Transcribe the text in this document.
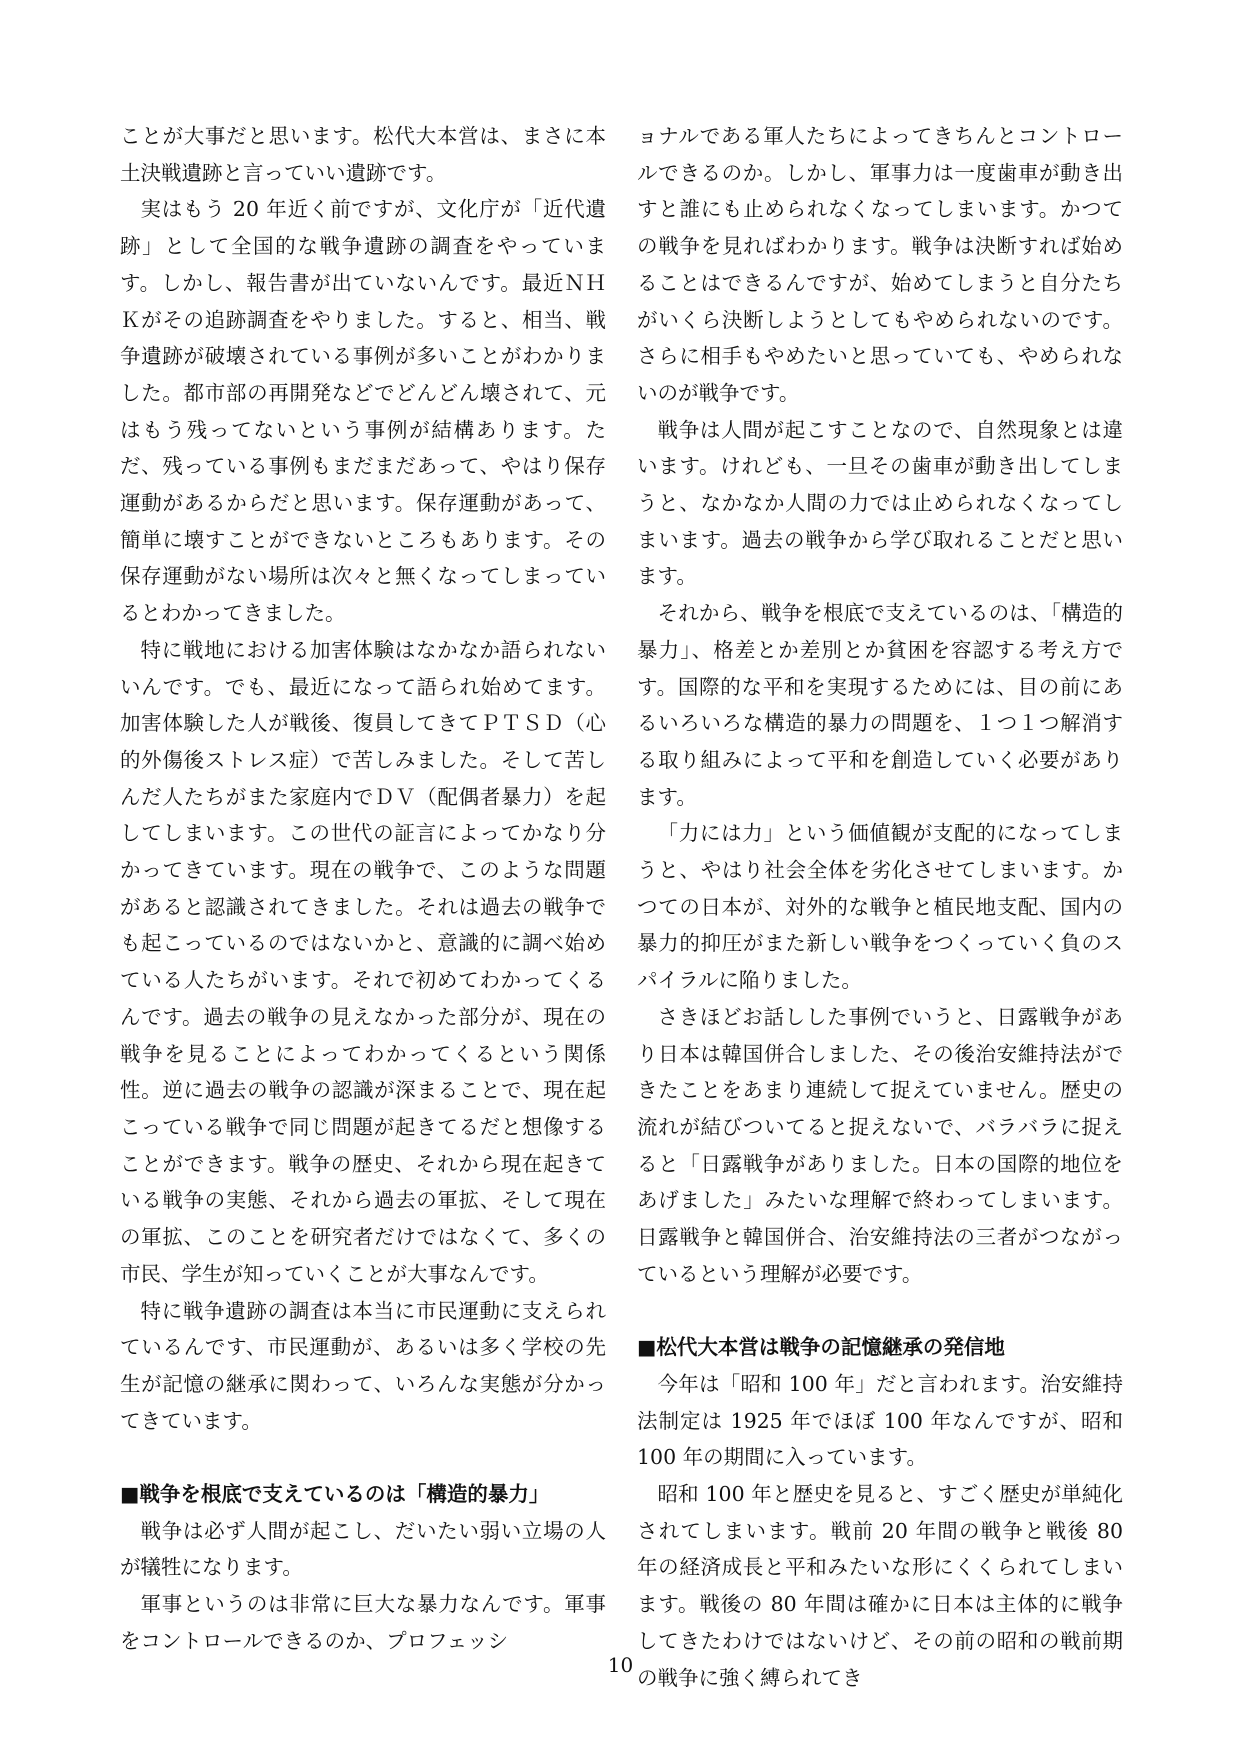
ことが大事だと思います。松代大本営は、まさに本土決戦遺跡と言っていい遺跡です。

実はもう 20 年近く前ですが、文化庁が「近代遺跡」として全国的な戦争遺跡の調査をやっています。しかし、報告書が出ていないんです。最近ＮＨＫがその追跡調査をやりました。すると、相当、戦争遺跡が破壊されている事例が多いことがわかりました。都市部の再開発などでどんどん壊されて、元はもう残ってないという事例が結構あります。ただ、残っている事例もまだまだあって、やはり保存運動があるからだと思います。保存運動があって、簡単に壊すことができないところもあります。その保存運動がない場所は次々と無くなってしまっているとわかってきました。

特に戦地における加害体験はなかなか語られないいんです。でも、最近になって語られ始めてます。加害体験した人が戦後、復員してきてＰＴＳＤ（心的外傷後ストレス症）で苦しみました。そして苦しんだ人たちがまた家庭内でＤＶ（配偶者暴力）を起してしまいます。この世代の証言によってかなり分かってきています。現在の戦争で、このような問題があると認識されてきました。それは過去の戦争でも起こっているのではないかと、意識的に調べ始めている人たちがいます。それで初めてわかってくるんです。過去の戦争の見えなかった部分が、現在の戦争を見ることによってわかってくるという関係性。逆に過去の戦争の認識が深まることで、現在起こっている戦争で同じ問題が起きてるだと想像することができます。戦争の歴史、それから現在起きている戦争の実態、それから過去の軍拡、そして現在の軍拡、このことを研究者だけではなくて、多くの市民、学生が知っていくことが大事なんです。

特に戦争遺跡の調査は本当に市民運動に支えられているんです、市民運動が、あるいは多く学校の先生が記憶の継承に関わって、いろんな実態が分かってきています。

■戦争を根底で支えているのは「構造的暴力」

戦争は必ず人間が起こし、だいたい弱い立場の人が犠牲になります。

軍事というのは非常に巨大な暴力なんです。軍事をコントロールできるのか、プロフェッシ

ョナルである軍人たちによってきちんとコントロールできるのか。しかし、軍事力は一度歯車が動き出すと誰にも止められなくなってしまいます。かつての戦争を見ればわかります。戦争は決断すれば始めることはできるんですが、始めてしまうと自分たちがいくら決断しようとしてもやめられないのです。さらに相手もやめたいと思っていても、やめられないのが戦争です。

戦争は人間が起こすことなので、自然現象とは違います。けれども、一旦その歯車が動き出してしまうと、なかなか人間の力では止められなくなってしまいます。過去の戦争から学び取れることだと思います。

それから、戦争を根底で支えているのは、「構造的暴力」、格差とか差別とか貧困を容認する考え方です。国際的な平和を実現するためには、目の前にあるいろいろな構造的暴力の問題を、１つ１つ解消する取り組みによって平和を創造していく必要があります。

「力には力」という価値観が支配的になってしまうと、やはり社会全体を劣化させてしまいます。かつての日本が、対外的な戦争と植民地支配、国内の暴力的抑圧がまた新しい戦争をつくっていく負のスパイラルに陥りました。

さきほどお話しした事例でいうと、日露戦争があり日本は韓国併合しました、その後治安維持法ができたことをあまり連続して捉えていません。歴史の流れが結びついてると捉えないで、バラバラに捉えると「日露戦争がありました。日本の国際的地位をあげました」みたいな理解で終わってしまいます。日露戦争と韓国併合、治安維持法の三者がつながっているという理解が必要です。

■松代大本営は戦争の記憶継承の発信地

今年は「昭和 100 年」だと言われます。治安維持法制定は 1925 年でほぼ 100 年なんですが、昭和 100 年の期間に入っています。

昭和 100 年と歴史を見ると、すごく歴史が単純化されてしまいます。戦前 20 年間の戦争と戦後 80 年の経済成長と平和みたいな形にくくられてしまいます。戦後の 80 年間は確かに日本は主体的に戦争してきたわけではないけど、その前の昭和の戦前期の戦争に強く縛られてき

10
